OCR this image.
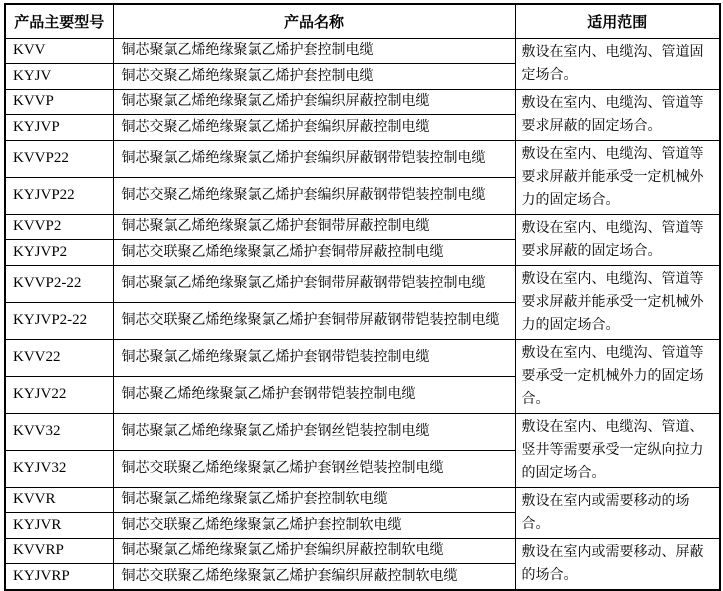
产品主要型号	产品名称	适用范围
KVV	铜芯聚氯乙烯绝缘聚氯乙烯护套控制电缆	敷设在室内、电缆沟、管道固定场合。
KYJV	铜芯交聚乙烯绝缘聚氯乙烯护套控制电缆	
KVVP	铜芯聚氯乙烯绝缘聚氯乙烯护套编织屏蔽控制电缆	敷设在室内、电缆沟、管道等要求屏蔽的固定场合。
KYJVP	铜芯交聚乙烯绝缘聚氯乙烯护套编织屏蔽控制电缆	
KVVP22	铜芯聚氯乙烯绝缘聚氯乙烯护套编织屏蔽钢带铠装控制电缆	敷设在室内、电缆沟、管道等要求屏蔽并能承受一定机械外力的固定场合。
KYJVP22	铜芯交聚乙烯绝缘聚氯乙烯护套编织屏蔽钢带铠装控制电缆	
KVVP2	铜芯聚氯乙烯绝缘聚氯乙烯护套铜带屏蔽控制电缆	敷设在室内、电缆沟、管道等要求屏蔽的固定场合。
KYJVP2	铜芯交联聚乙烯绝缘聚氯乙烯护套铜带屏蔽控制电缆	
KVVP2-22	铜芯聚氯乙烯绝缘聚氯乙烯护套铜带屏蔽钢带铠装控制电缆	敷设在室内、电缆沟、管道等要求屏蔽并能承受一定机械外力的固定场合。
KYJVP2-22	铜芯交联聚乙烯绝缘聚氯乙烯护套铜带屏蔽钢带铠装控制电缆	
KVV22	铜芯聚氯乙烯绝缘聚氯乙烯护套钢带铠装控制电缆	敷设在室内、电缆沟、管道等要承受一定机械外力的固定场合。
KYJV22	铜芯聚乙烯绝缘聚氯乙烯护套钢带铠装控制电缆	
KVV32	铜芯聚氯乙烯绝缘聚氯乙烯护套钢丝铠装控制电缆	敷设在室内、电缆沟、管道、竖井等需要承受一定纵向拉力的固定场合。
KYJV32	铜芯交联聚乙烯绝缘聚氯乙烯护套钢丝铠装控制电缆	
KVVR	铜芯聚氯乙烯绝缘聚氯乙烯护套控制软电缆	敷设在室内或需要移动的场合。
KYJVR	铜芯交联聚乙烯绝缘聚氯乙烯护套控制软电缆	
KVVRP	铜芯聚氯乙烯绝缘聚氯乙烯护套编织屏蔽控制软电缆	敷设在室内或需要移动、屏蔽的场合。
KYJVRP	铜芯交联聚乙烯绝缘聚氯乙烯护套编织屏蔽控制软电缆	
